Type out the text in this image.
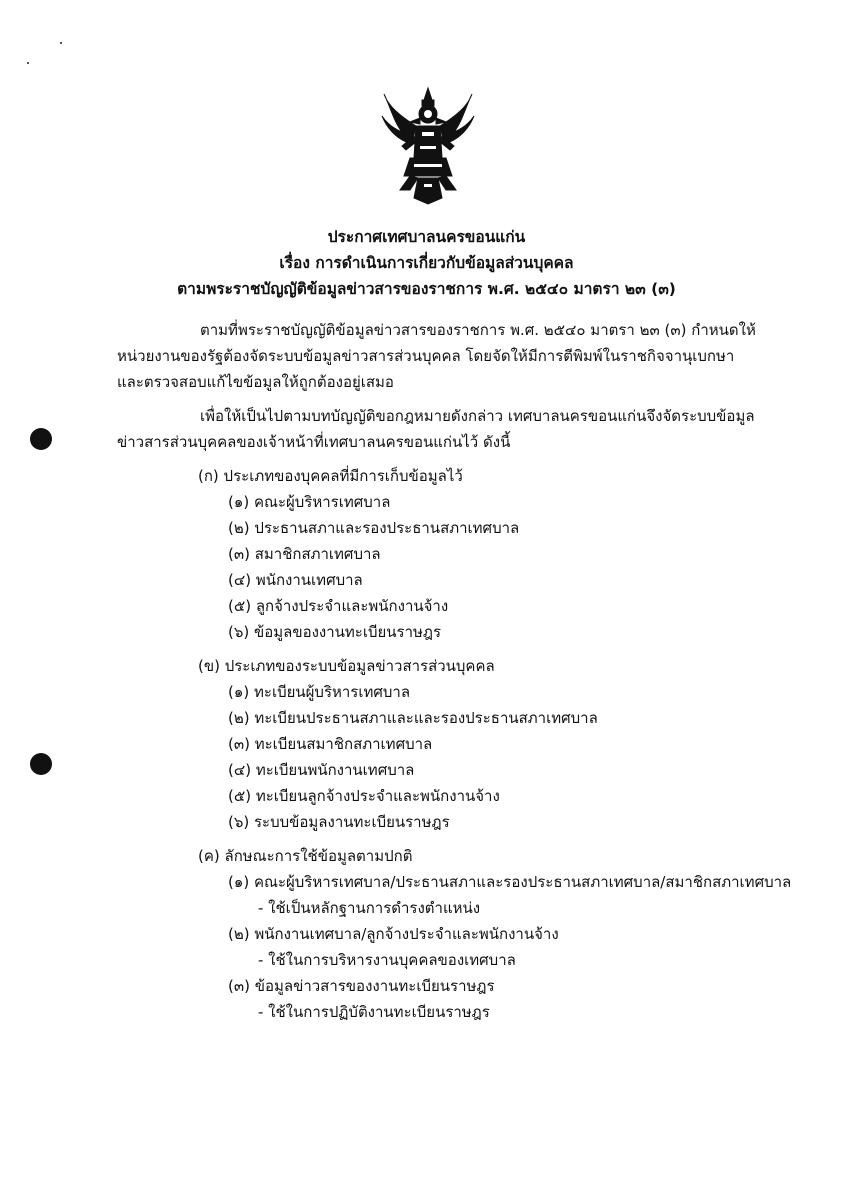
ประกาศเทศบาลนครขอนแก่น
เรื่อง การดำเนินการเกี่ยวกับข้อมูลส่วนบุคคล
ตามพระราชบัญญัติข้อมูลข่าวสารของราชการ พ.ศ. ๒๕๔๐ มาตรา ๒๓ (๓)
ตามที่พระราชบัญญัติข้อมูลข่าวสารของราชการ พ.ศ. ๒๕๔๐ มาตรา ๒๓ (๓) กำหนดให้
หน่วยงานของรัฐต้องจัดระบบข้อมูลข่าวสารส่วนบุคคล โดยจัดให้มีการตีพิมพ์ในราชกิจจานุเบกษา
และตรวจสอบแก้ไขข้อมูลให้ถูกต้องอยู่เสมอ
เพื่อให้เป็นไปตามบทบัญญัติขอกฎหมายดังกล่าว เทศบาลนครขอนแก่นจึงจัดระบบข้อมูล
ข่าวสารส่วนบุคคลของเจ้าหน้าที่เทศบาลนครขอนแก่นไว้ ดังนี้
(ก) ประเภทของบุคคลที่มีการเก็บข้อมูลไว้
(๑) คณะผู้บริหารเทศบาล
(๒) ประธานสภาและรองประธานสภาเทศบาล
(๓) สมาชิกสภาเทศบาล
(๔) พนักงานเทศบาล
(๕) ลูกจ้างประจำและพนักงานจ้าง
(๖) ข้อมูลของงานทะเบียนราษฎร
(ข) ประเภทของระบบข้อมูลข่าวสารส่วนบุคคล
(๑) ทะเบียนผู้บริหารเทศบาล
(๒) ทะเบียนประธานสภาและและรองประธานสภาเทศบาล
(๓) ทะเบียนสมาชิกสภาเทศบาล
(๔) ทะเบียนพนักงานเทศบาล
(๕) ทะเบียนลูกจ้างประจำและพนักงานจ้าง
(๖) ระบบข้อมูลงานทะเบียนราษฎร
(ค) ลักษณะการใช้ข้อมูลตามปกติ
(๑) คณะผู้บริหารเทศบาล/ประธานสภาและรองประธานสภาเทศบาล/สมาชิกสภาเทศบาล
- ใช้เป็นหลักฐานการดำรงตำแหน่ง
(๒) พนักงานเทศบาล/ลูกจ้างประจำและพนักงานจ้าง
- ใช้ในการบริหารงานบุคคลของเทศบาล
(๓) ข้อมูลข่าวสารของงานทะเบียนราษฎร
- ใช้ในการปฏิบัติงานทะเบียนราษฎร
